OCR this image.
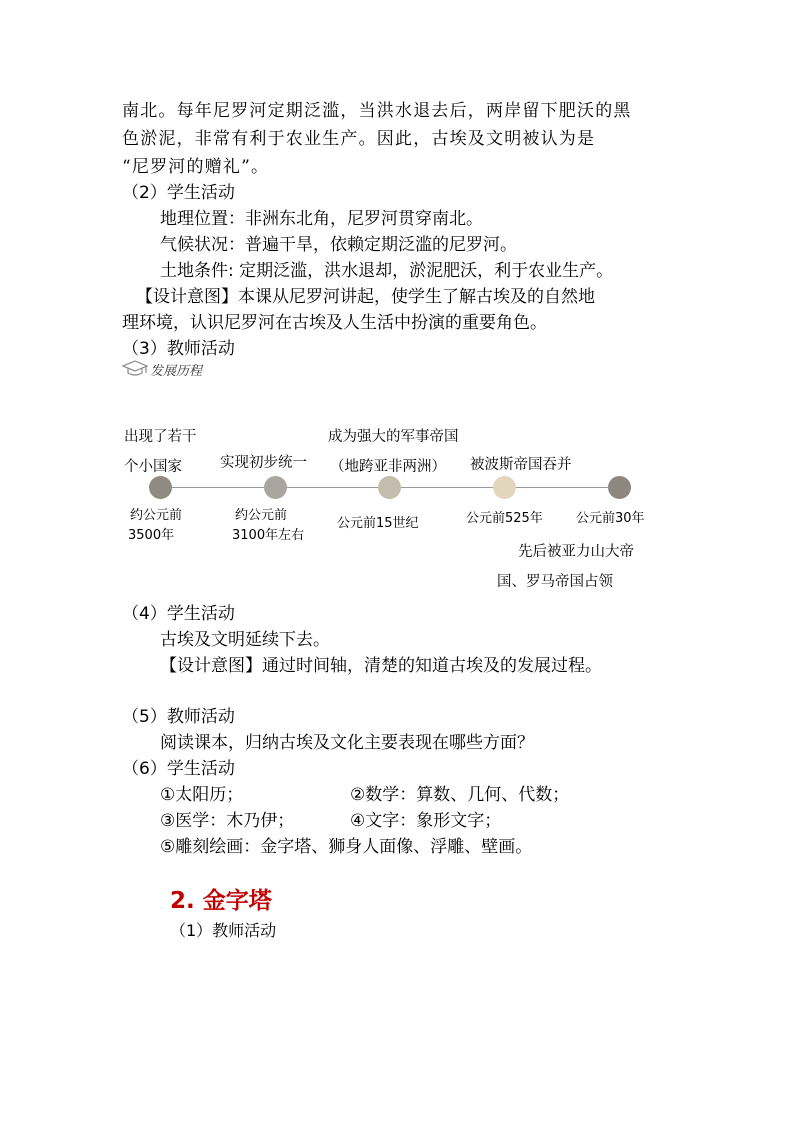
南北。每年尼罗河定期泛滥，当洪水退去后，两岸留下肥沃的黑
色淤泥，非常有利于农业生产。因此，古埃及文明被认为是
“尼罗河的赠礼”。
（2）学生活动
地理位置：非洲东北角，尼罗河贯穿南北。
气候状况：普遍干旱，依赖定期泛滥的尼罗河。
土地条件: 定期泛滥，洪水退却，淤泥肥沃，利于农业生产。
【设计意图】本课从尼罗河讲起，使学生了解古埃及的自然地
理环境，认识尼罗河在古埃及人生活中扮演的重要角色。
（3）教师活动
发展历程
出现了若干
个小国家	实现初步统一
成为强大的军事帝国
（地跨亚非两洲） 被波斯帝国吞并
约公元前
3500年
约公元前
3100年左右
公元前15世纪	公元前525年	公元前30年
先后被亚力山大帝
国、罗马帝国占领
（4）学生活动
古埃及文明延续下去。
【设计意图】通过时间轴，清楚的知道古埃及的发展过程。
（5）教师活动
阅读课本，归纳古埃及文化主要表现在哪些方面？
（6）学生活动
①太阳历；	②数学：算数、几何、代数；
③医学：木乃伊；	④文字：象形文字；
⑤雕刻绘画：金字塔、狮身人面像、浮雕、壁画。
2. 金字塔
（1）教师活动
